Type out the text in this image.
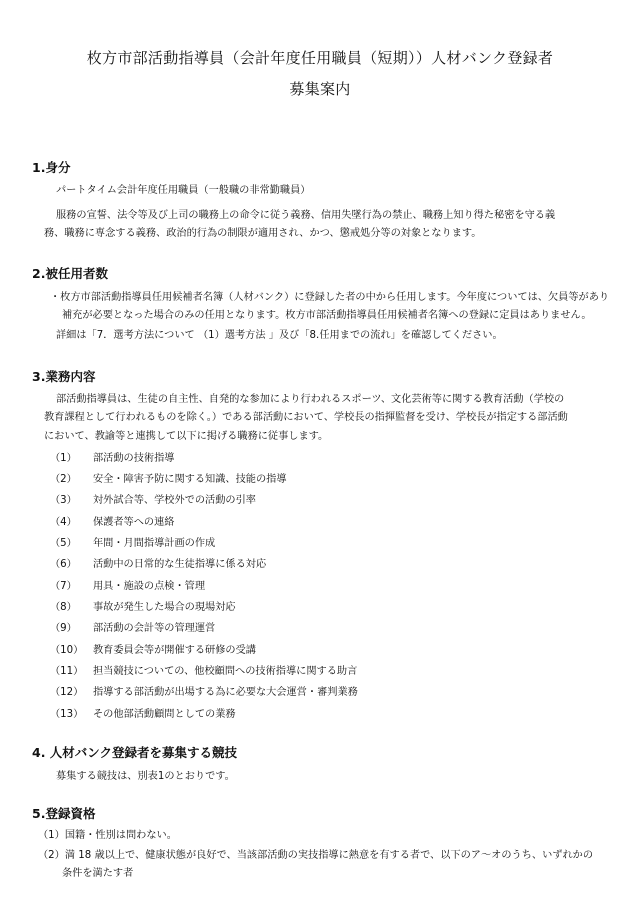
枚方市部活動指導員（会計年度任用職員（短期））人材バンク登録者
募集案内
1.身分
パートタイム会計年度任用職員（一般職の非常勤職員）
服務の宣誓、法令等及び上司の職務上の命令に従う義務、信用失墜行為の禁止、職務上知り得た秘密を守る義
務、職務に専念する義務、政治的行為の制限が適用され、かつ、懲戒処分等の対象となります。
2.被任用者数
・枚方市部活動指導員任用候補者名簿（人材バンク）に登録した者の中から任用します。今年度については、欠員等があり
補充が必要となった場合のみの任用となります。枚方市部活動指導員任用候補者名簿への登録に定員はありません。
詳細は「7．選考方法について （1）選考方法 」及び「8.任用までの流れ」を確認してください。
3.業務内容
部活動指導員は、生徒の自主性、自発的な参加により行われるスポーツ、文化芸術等に関する教育活動（学校の
教育課程として行われるものを除く。）である部活動において、学校長の指揮監督を受け、学校長が指定する部活動
において、教諭等と連携して以下に掲げる職務に従事します。
（1） 部活動の技術指導
（2） 安全・障害予防に関する知識、技能の指導
（3） 対外試合等、学校外での活動の引率
（4） 保護者等への連絡
（5） 年間・月間指導計画の作成
（6） 活動中の日常的な生徒指導に係る対応
（7） 用具・施設の点検・管理
（8） 事故が発生した場合の現場対応
（9） 部活動の会計等の管理運営
（10） 教育委員会等が開催する研修の受講
（11） 担当競技についての、他校顧問への技術指導に関する助言
（12） 指導する部活動が出場する為に必要な大会運営・審判業務
（13） その他部活動顧問としての業務
4. 人材バンク登録者を募集する競技
募集する競技は、別表1のとおりです。
5.登録資格
（1）国籍・性別は問わない。
（2）満 18 歳以上で、健康状態が良好で、当該部活動の実技指導に熱意を有する者で、以下のア～オのうち、いずれかの
条件を満たす者
